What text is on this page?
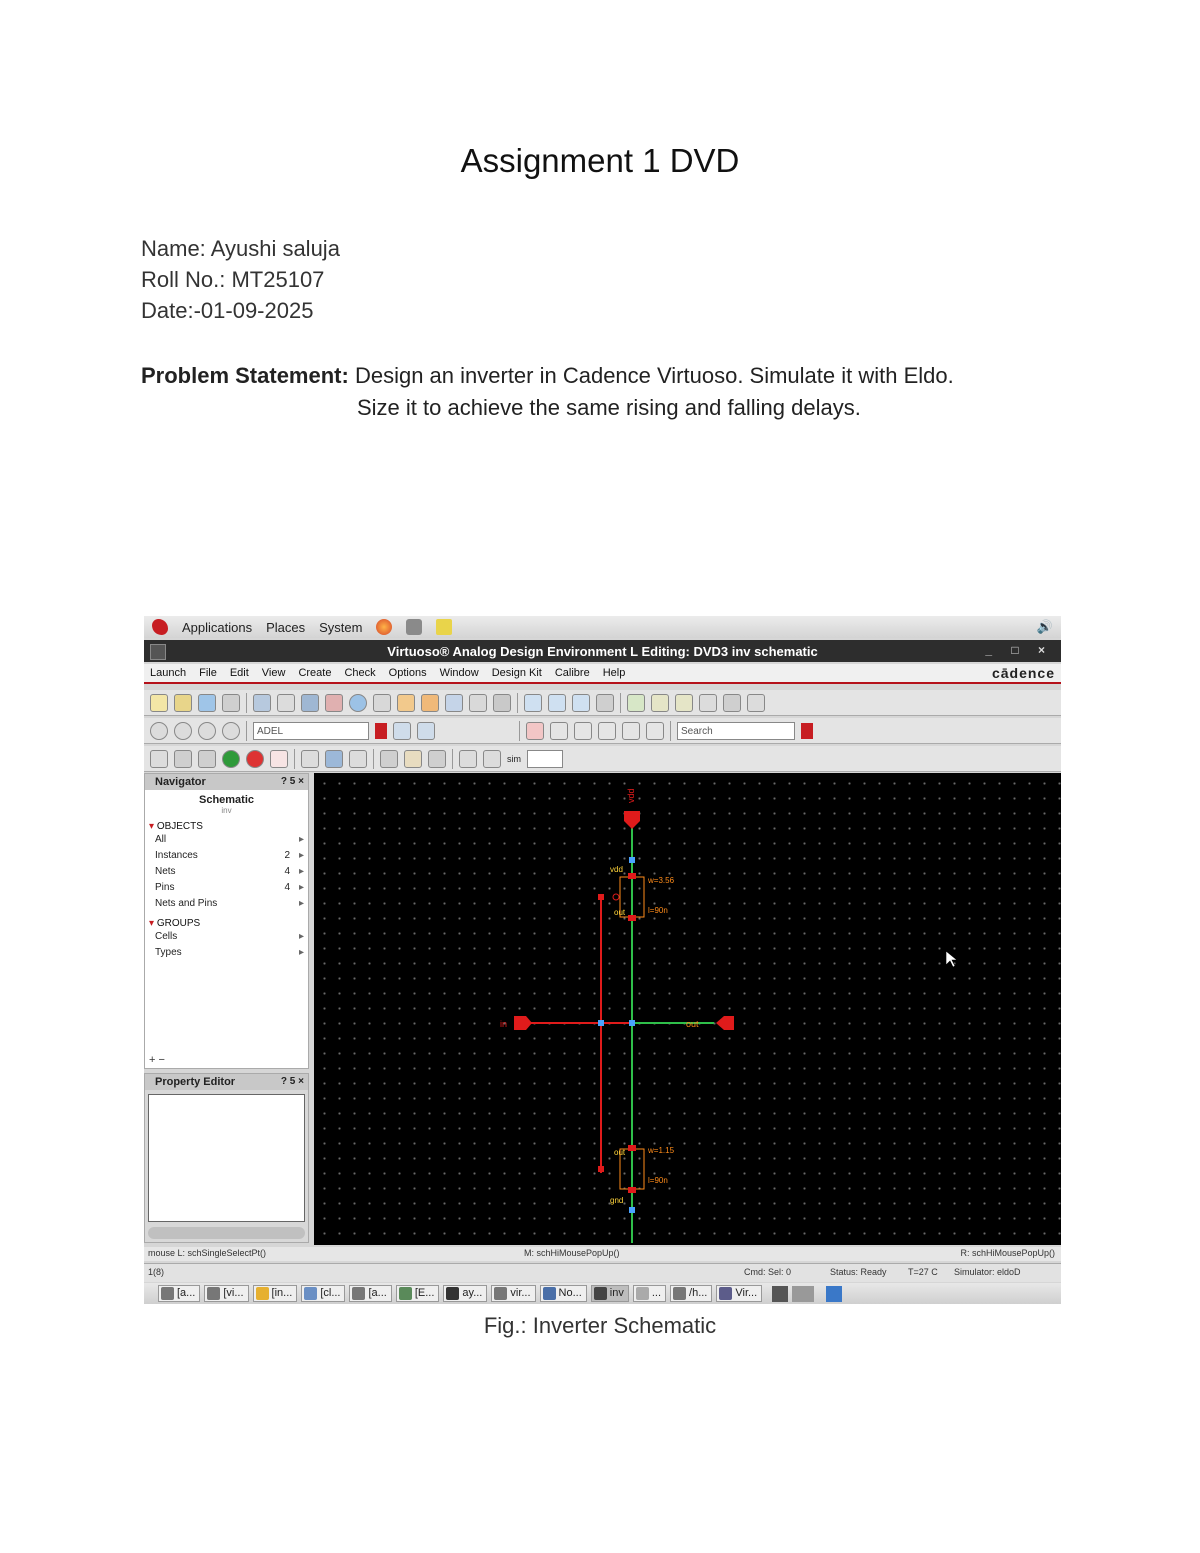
Assignment 1 DVD
Name: Ayushi saluja
Roll No.: MT25107
Date:-01-09-2025
Problem Statement: Design an inverter in Cadence Virtuoso. Simulate it with Eldo.
Size it to achieve the same rising and falling delays.
Applications Places System	🔊
Virtuoso® Analog Design Environment L Editing: DVD3 inv schematic	_ □ ×
Launch File Edit View Create Check Options Window Design Kit Calibre Help	cādence
ADEL	Search
sim
Navigator	? 5 ×
Schematic
inv
▾ OBJECTS
All	▸
Instances	2 ▸
Nets	4 ▸
Pins	4 ▸
Nets and Pins	▸
▾ GROUPS
Cells	▸
Types	▸
+ −
Property Editor	? 5 ×
vdd
in	out
vdd
w=3.56
l=90n
out
w=1.15
l=90n
out
gnd
mouse L: schSingleSelectPt()	M: schHiMousePopUp()	R: schHiMousePopUp()
1(8)	Cmd: Sel: 0	Status: Ready T=27 C Simulator: eldoD
[a...	[vi...	[in...	[cl...	[a...	[E...	ay...	vir...	No...	inv	...	/h...	Vir...
Fig.: Inverter Schematic
